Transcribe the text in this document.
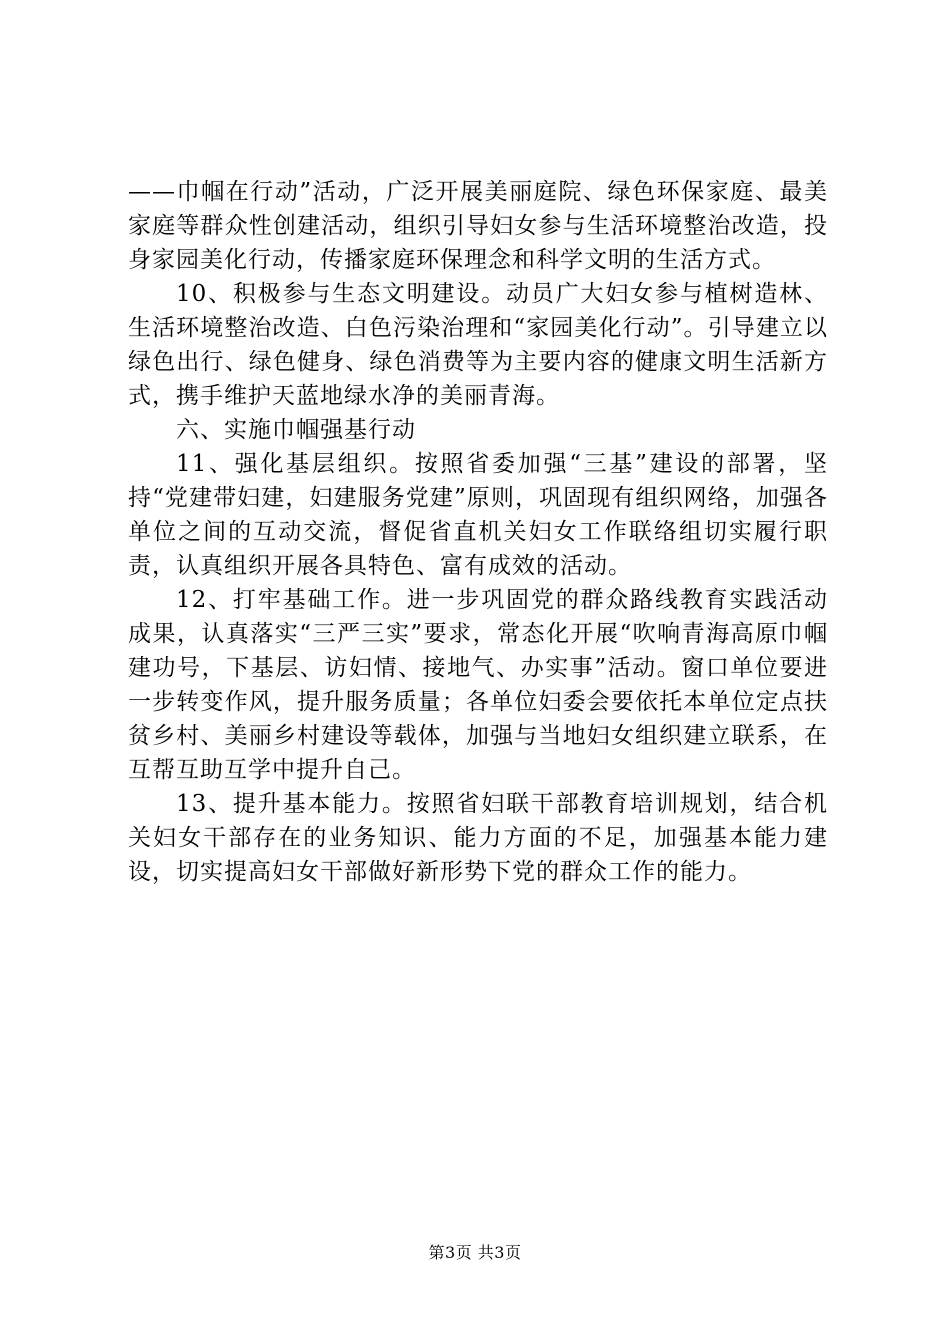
——巾帼在行动”活动，广泛开展美丽庭院、绿色环保家庭、最美家庭等群众性创建活动，组织引导妇女参与生活环境整治改造，投身家园美化行动，传播家庭环保理念和科学文明的生活方式。

10、积极参与生态文明建设。动员广大妇女参与植树造林、生活环境整治改造、白色污染治理和“家园美化行动”。引导建立以绿色出行、绿色健身、绿色消费等为主要内容的健康文明生活新方式，携手维护天蓝地绿水净的美丽青海。

六、实施巾帼强基行动

11、强化基层组织。按照省委加强“三基”建设的部署，坚持“党建带妇建，妇建服务党建”原则，巩固现有组织网络，加强各单位之间的互动交流，督促省直机关妇女工作联络组切实履行职责，认真组织开展各具特色、富有成效的活动。

12、打牢基础工作。进一步巩固党的群众路线教育实践活动成果，认真落实“三严三实”要求，常态化开展“吹响青海高原巾帼建功号，下基层、访妇情、接地气、办实事”活动。窗口单位要进一步转变作风，提升服务质量；各单位妇委会要依托本单位定点扶贫乡村、美丽乡村建设等载体，加强与当地妇女组织建立联系，在互帮互助互学中提升自己。

13、提升基本能力。按照省妇联干部教育培训规划，结合机关妇女干部存在的业务知识、能力方面的不足，加强基本能力建设，切实提高妇女干部做好新形势下党的群众工作的能力。

第3页 共3页
